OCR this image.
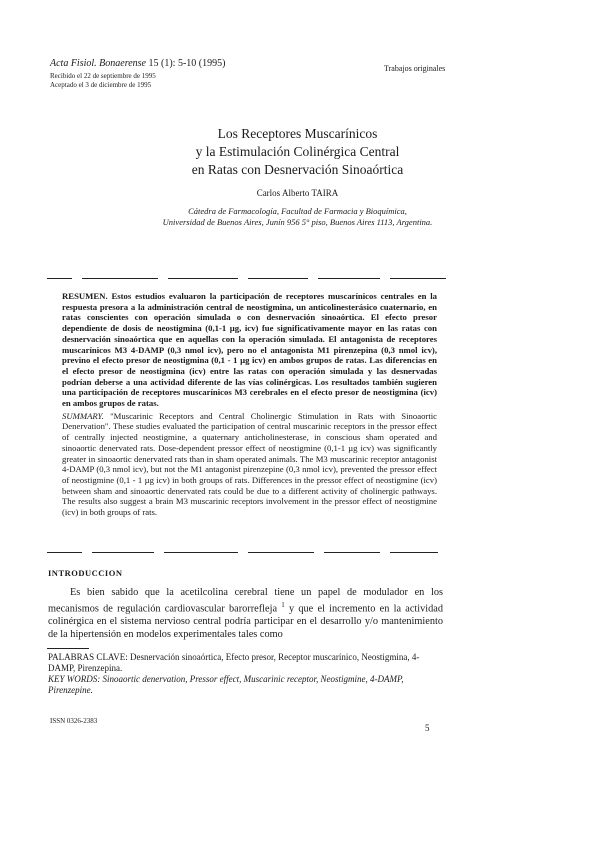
Acta Fisiol. Bonaerense 15 (1): 5-10 (1995)
Recibido el 22 de septiembre de 1995
Aceptado el 3 de diciembre de 1995
Trabajos originales
Los Receptores Muscarínicos
y la Estimulación Colinérgica Central
en Ratas con Desnervación Sinoaórtica
Carlos Alberto TAIRA
Cátedra de Farmacología, Facultad de Farmacia y Bioquímica,
Universidad de Buenos Aires, Junín 956 5° piso, Buenos Aires 1113, Argentina.

RESUMEN. Estos estudios evaluaron la participación de receptores muscarínicos centrales en la respuesta presora a la administración central de neostigmina, un anticolinesterásico cuaternario, en ratas conscientes con operación simulada o con desnervación sinoaórtica. El efecto presor dependiente de dosis de neostigmina (0,1-1 µg, icv) fue significativamente mayor en las ratas con desnervación sinoaórtica que en aquellas con la operación simulada. El antagonista de receptores muscarínicos M3 4-DAMP (0,3 nmol icv), pero no el antagonista M1 pirenzepina (0,3 nmol icv), previno el efecto presor de neostigmina (0,1 - 1 µg icv) en ambos grupos de ratas. Las diferencias en el efecto presor de neostigmina (icv) entre las ratas con operación simulada y las desnervadas podrían deberse a una actividad diferente de las vías colinérgicas. Los resultados también sugieren una participación de receptores muscarínicos M3 cerebrales en el efecto presor de neostigmina (icv) en ambos grupos de ratas.

SUMMARY. "Muscarinic Receptors and Central Cholinergic Stimulation in Rats with Sinoaortic Denervation". These studies evaluated the participation of central muscarinic receptors in the pressor effect of centrally injected neostigmine, a quaternary anticholinesterase, in conscious sham operated and sinoaortic denervated rats. Dose-dependent pressor effect of neostigmine (0,1-1 µg icv) was significantly greater in sinoaortic denervated rats than in sham operated animals. The M3 muscarinic receptor antagonist 4-DAMP (0,3 nmol icv), but not the M1 antagonist pirenzepine (0,3 nmol icv), prevented the pressor effect of neostigmine (0,1 - 1 µg icv) in both groups of rats. Differences in the pressor effect of neostigmine (icv) between sham and sinoaortic denervated rats could be due to a different activity of cholinergic pathways. The results also suggest a brain M3 muscarinic receptors involvement in the pressor effect of neostigmine (icv) in both groups of rats.

INTRODUCCION
Es bien sabido que la acetilcolina cerebral tiene un papel de modulador en los mecanismos de regulación cardiovascular barorrefleja $^1$ y que el incremento en la actividad colinérgica en el sistema nervioso central podría participar en el desarrollo y/o mantenimiento de la hipertensión en modelos experimentales tales como

PALABRAS CLAVE: Desnervación sinoaórtica, Efecto presor, Receptor muscarínico, Neostigmina, 4-DAMP, Pirenzepina.

KEY WORDS: Sinoaortic denervation, Pressor effect, Muscarinic receptor, Neostigmine, 4-DAMP, Pirenzepine.

ISSN 0326-2383
5
